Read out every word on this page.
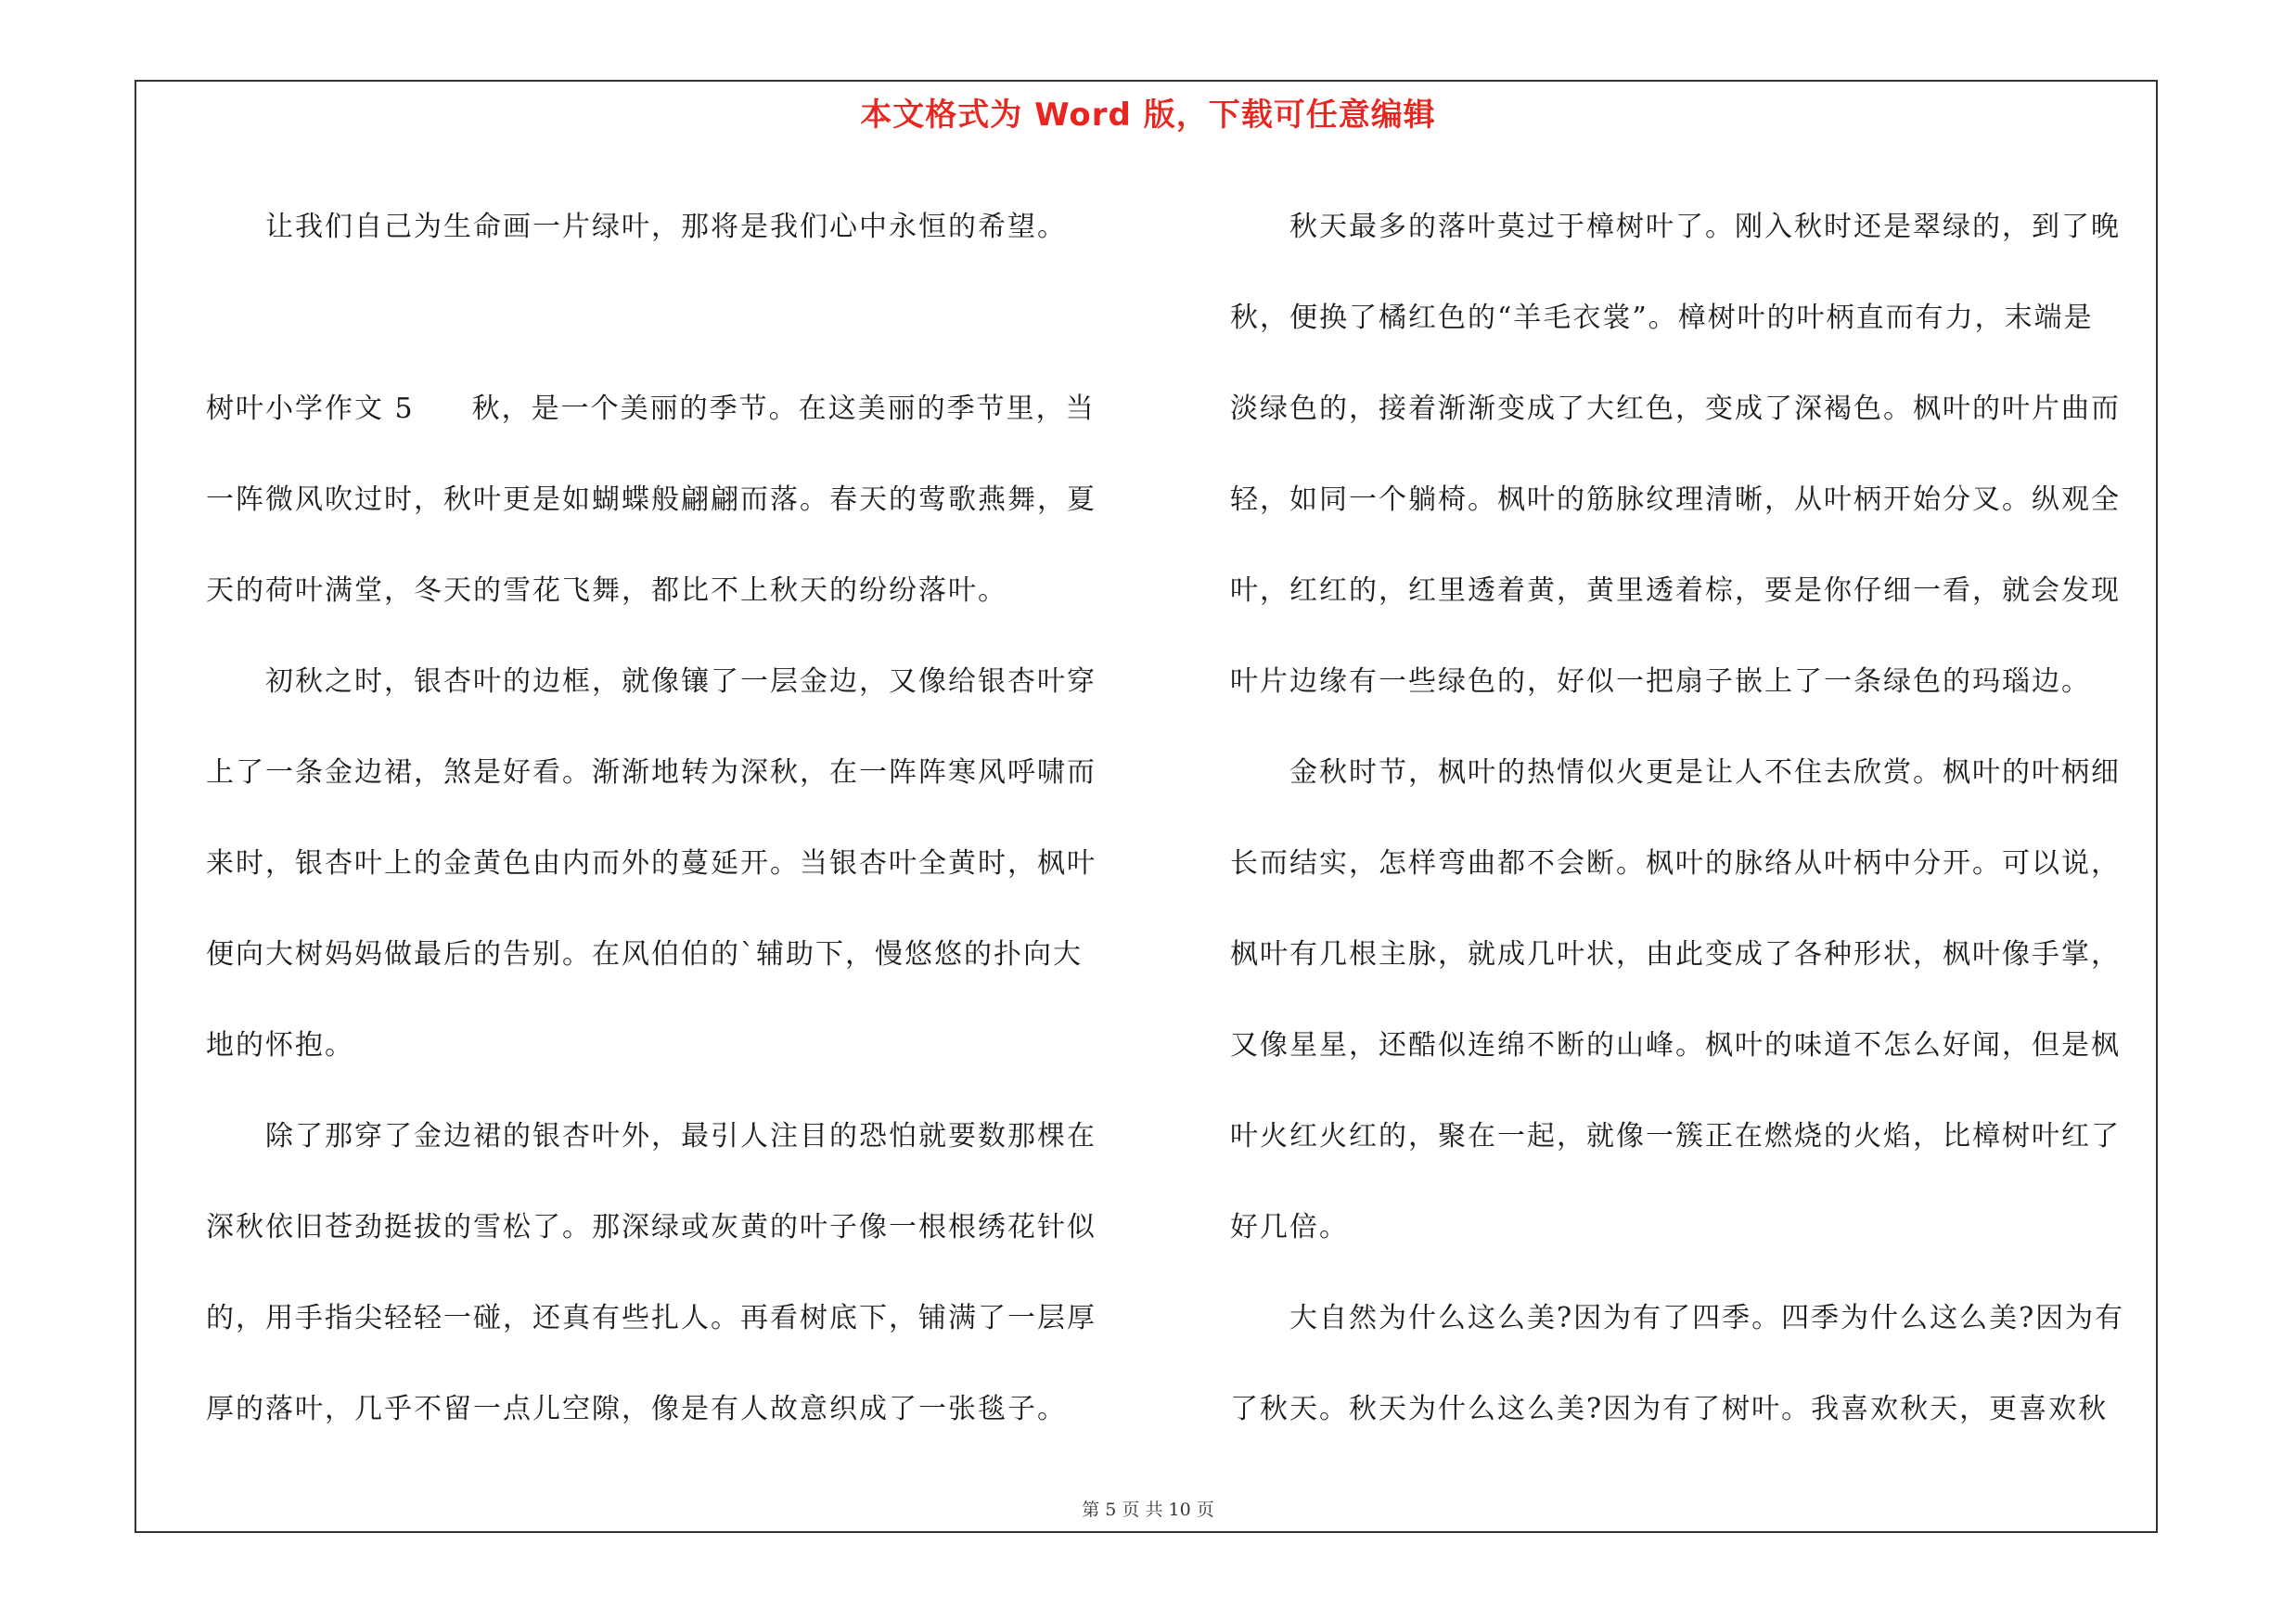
本文格式为 Word 版，下载可任意编辑
让我们自己为生命画一片绿叶，那将是我们心中永恒的希望。
树叶小学作文 5 秋，是一个美丽的季节。在这美丽的季节里，当
一阵微风吹过时，秋叶更是如蝴蝶般翩翩而落。春天的莺歌燕舞，夏
天的荷叶满堂，冬天的雪花飞舞，都比不上秋天的纷纷落叶。
初秋之时，银杏叶的边框，就像镶了一层金边，又像给银杏叶穿
上了一条金边裙，煞是好看。渐渐地转为深秋，在一阵阵寒风呼啸而
来时，银杏叶上的金黄色由内而外的蔓延开。当银杏叶全黄时，枫叶
便向大树妈妈做最后的告别。在风伯伯的`辅助下，慢悠悠的扑向大
地的怀抱。
除了那穿了金边裙的银杏叶外，最引人注目的恐怕就要数那棵在
深秋依旧苍劲挺拔的雪松了。那深绿或灰黄的叶子像一根根绣花针似
的，用手指尖轻轻一碰，还真有些扎人。再看树底下，铺满了一层厚
厚的落叶，几乎不留一点儿空隙，像是有人故意织成了一张毯子。
秋天最多的落叶莫过于樟树叶了。刚入秋时还是翠绿的，到了晚
秋，便换了橘红色的“羊毛衣裳”。樟树叶的叶柄直而有力，末端是
淡绿色的，接着渐渐变成了大红色，变成了深褐色。枫叶的叶片曲而
轻，如同一个躺椅。枫叶的筋脉纹理清晰，从叶柄开始分叉。纵观全
叶，红红的，红里透着黄，黄里透着棕，要是你仔细一看，就会发现
叶片边缘有一些绿色的，好似一把扇子嵌上了一条绿色的玛瑙边。
金秋时节，枫叶的热情似火更是让人不住去欣赏。枫叶的叶柄细
长而结实，怎样弯曲都不会断。枫叶的脉络从叶柄中分开。可以说，
枫叶有几根主脉，就成几叶状，由此变成了各种形状，枫叶像手掌，
又像星星，还酷似连绵不断的山峰。枫叶的味道不怎么好闻，但是枫
叶火红火红的，聚在一起，就像一簇正在燃烧的火焰，比樟树叶红了
好几倍。
大自然为什么这么美?因为有了四季。四季为什么这么美?因为有
了秋天。秋天为什么这么美?因为有了树叶。我喜欢秋天，更喜欢秋
第 5 页 共 10 页
